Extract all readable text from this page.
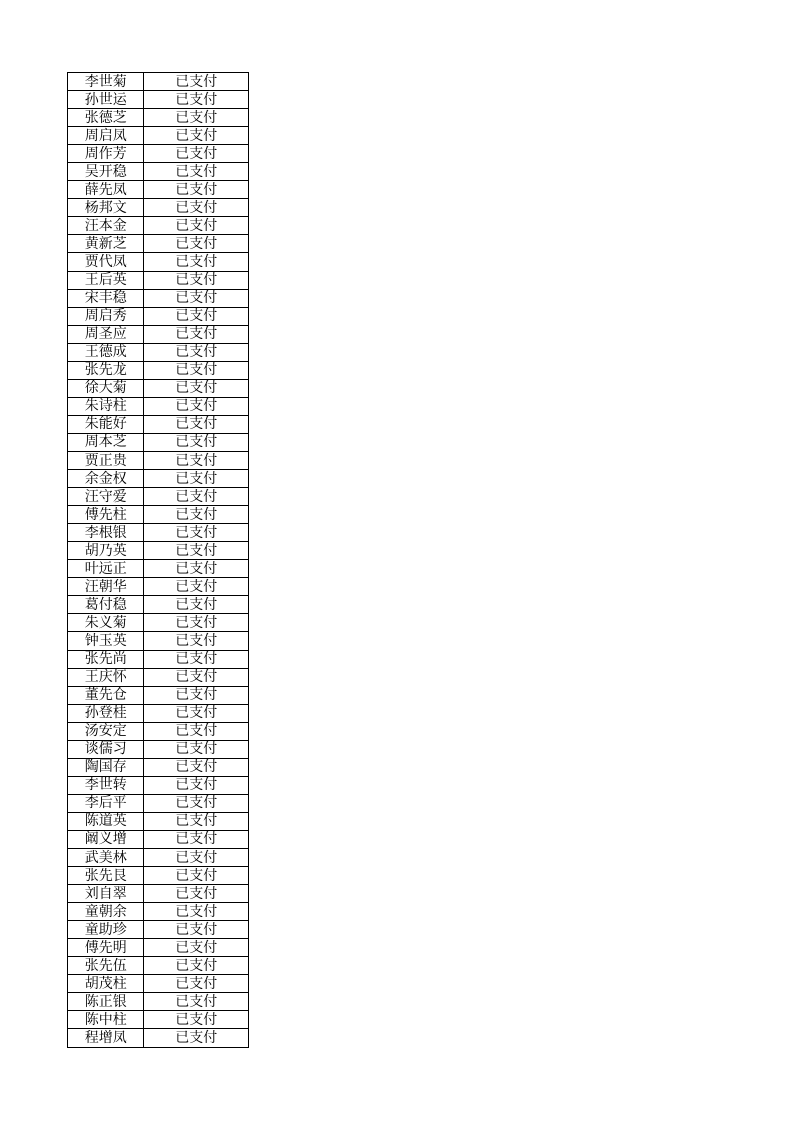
李世菊	已支付
孙世运	已支付
张德芝	已支付
周启凤	已支付
周作芳	已支付
吴开稳	已支付
薛先凤	已支付
杨邦文	已支付
汪本金	已支付
黄新芝	已支付
贾代凤	已支付
王后英	已支付
宋丰稳	已支付
周启秀	已支付
周圣应	已支付
王德成	已支付
张先龙	已支付
徐大菊	已支付
朱诗柱	已支付
朱能好	已支付
周本芝	已支付
贾正贵	已支付
余金权	已支付
汪守爱	已支付
傅先柱	已支付
李根银	已支付
胡乃英	已支付
叶远正	已支付
汪朝华	已支付
葛付稳	已支付
朱义菊	已支付
钟玉英	已支付
张先尚	已支付
王庆怀	已支付
董先仓	已支付
孙登桂	已支付
汤安定	已支付
谈儒习	已支付
陶国存	已支付
李世转	已支付
李后平	已支付
陈道英	已支付
阚义增	已支付
武美林	已支付
张先艮	已支付
刘自翠	已支付
童朝余	已支付
童助珍	已支付
傅先明	已支付
张先伍	已支付
胡茂柱	已支付
陈正银	已支付
陈中柱	已支付
程增凤	已支付
